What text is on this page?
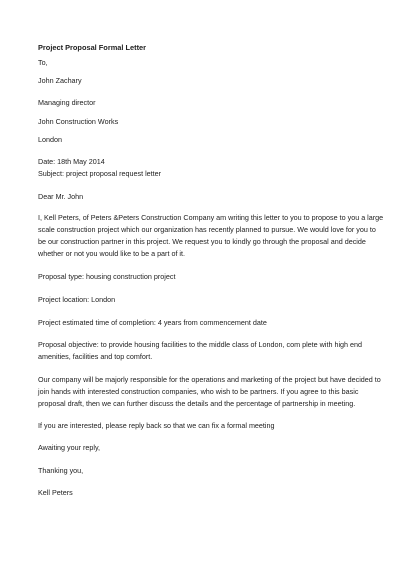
Project Proposal Formal Letter
To,
John Zachary
Managing director
John Construction Works
London
Date: 18th May 2014
Subject: project proposal request letter
Dear Mr. John
I, Kell Peters, of Peters &Peters Construction Company am writing this letter to you to propose to you a large
scale construction project which our organization has recently planned to pursue. We would love for you to
be our construction partner in this project. We request you to kindly go through the proposal and decide
whether or not you would like to be a part of it.
Proposal type: housing construction project
Project location: London
Project estimated time of completion: 4 years from commencement date
Proposal objective: to provide housing facilities to the middle class of London, com plete with high end
amenities, facilities and top comfort.
Our company will be majorly responsible for the operations and marketing of the project but have decided to
join hands with interested construction companies, who wish to be partners. If you agree to this basic
proposal draft, then we can further discuss the details and the percentage of partnership in meeting.
If you are interested, please reply back so that we can fix a formal meeting
Awaiting your reply,
Thanking you,
Kell Peters
